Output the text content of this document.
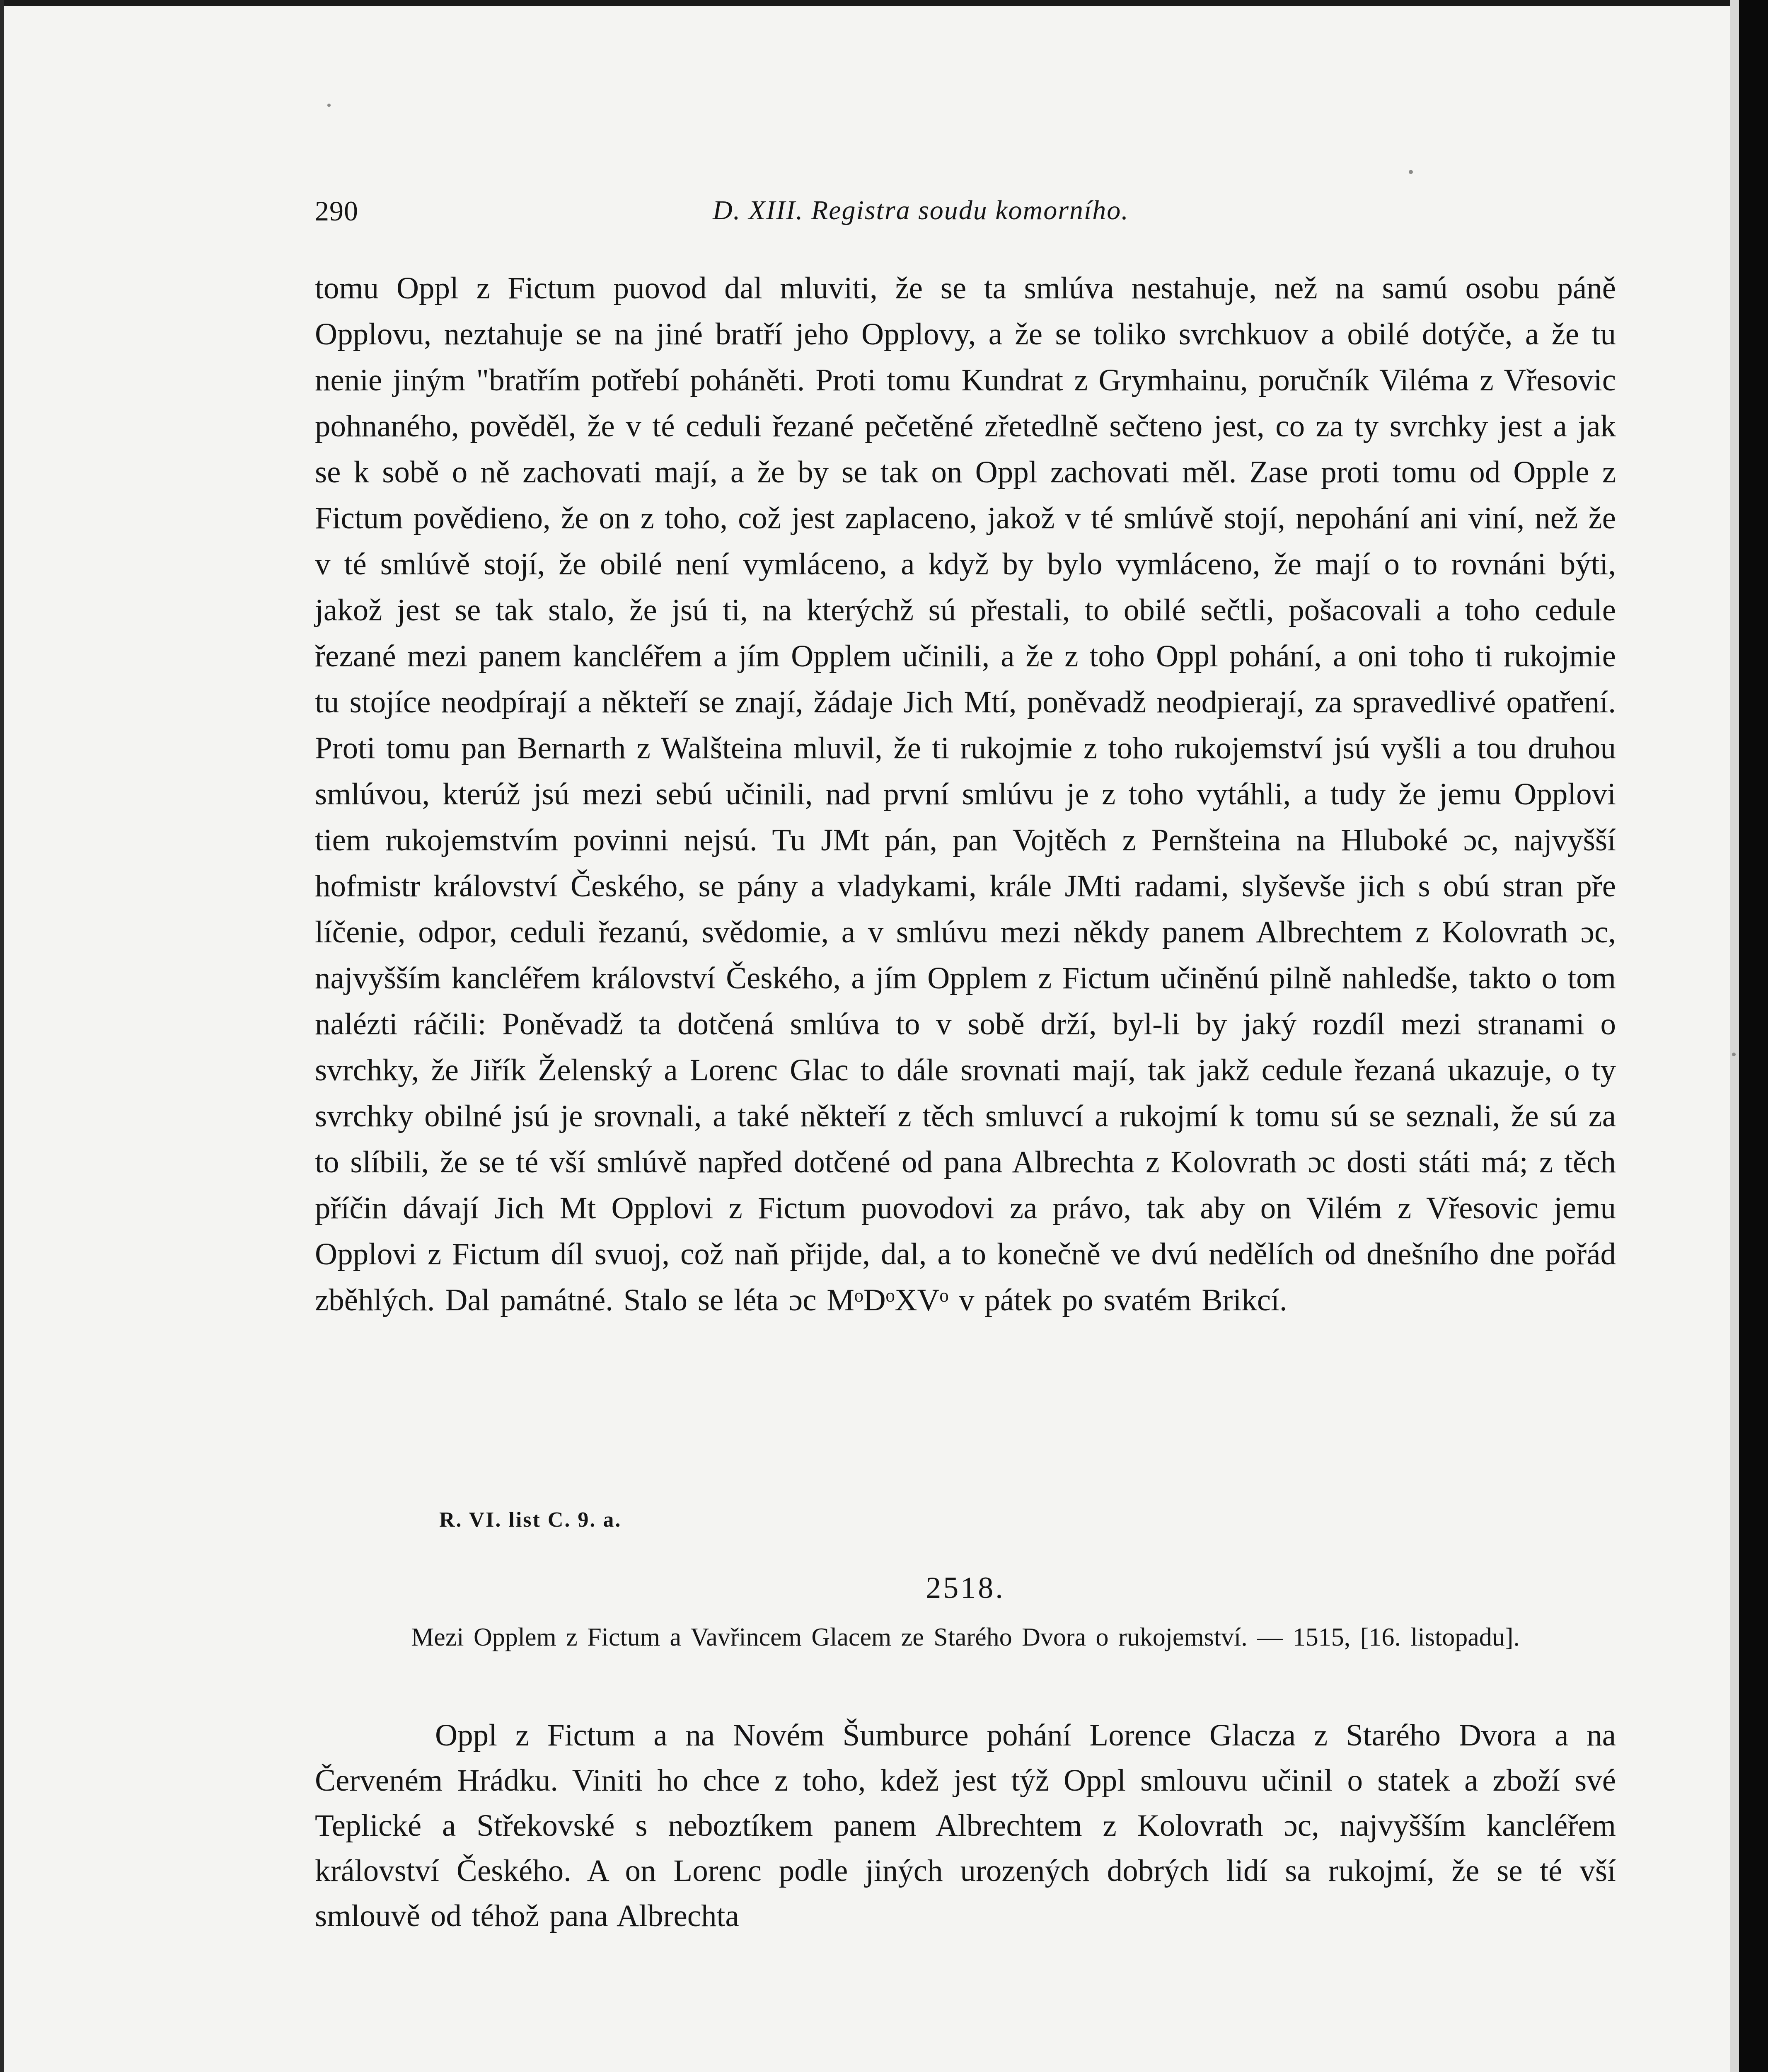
290	D. XIII. Registra soudu komorního.

tomu Oppl z Fictum puovod dal mluviti, že se ta smlúva nestahuje, než na samú osobu páně Opplovu, neztahuje se na jiné bratří jeho Opplovy, a že se toliko svrchkuov a obilé dotýče, a že tu nenie jiným "bratřím potřebí poháněti. Proti tomu Kundrat z Grymhainu, poručník Viléma z Vřesovic pohnaného, pověděl, že v té ceduli řezané pečetěné zřetedlně sečteno jest, co za ty svrchky jest a jak se k sobě o ně zachovati mají, a že by se tak on Oppl zachovati měl. Zase proti tomu od Opple z Fictum povědieno, že on z toho, což jest zaplaceno, jakož v té smlúvě stojí, nepohání ani viní, než že v té smlúvě stojí, že obilé není vymláceno, a když by bylo vymláceno, že mají o to rovnáni býti, jakož jest se tak stalo, že jsú ti, na kterýchž sú přestali, to obilé sečtli, pošacovali a toho cedule řezané mezi panem kancléřem a jím Opplem učinili, a že z toho Oppl pohání, a oni toho ti rukojmie tu stojíce neodpírají a někteří se znají, žádaje Jich Mtí, poněvadž neodpierají, za spravedlivé opatření. Proti tomu pan Bernarth z Walšteina mluvil, že ti rukojmie z toho rukojemství jsú vyšli a tou druhou smlúvou, kterúž jsú mezi sebú učinili, nad první smlúvu je z toho vytáhli, a tudy že jemu Opplovi tiem rukojemstvím povinni nejsú. Tu JMt pán, pan Vojtěch z Pernšteina na Hluboké ɔc, najvyšší hofmistr království Českého, se pány a vladykami, krále JMti radami, slyševše jich s obú stran pře líčenie, odpor, ceduli řezanú, svědomie, a v smlúvu mezi někdy panem Albrechtem z Kolovrath ɔc, najvyšším kancléřem království Českého, a jím Opplem z Fictum učiněnú pilně nahledše, takto o tom nalézti ráčili: Poněvadž ta dotčená smlúva to v sobě drží, byl-li by jaký rozdíl mezi stranami o svrchky, že Jiřík Želenský a Lorenc Glac to dále srovnati mají, tak jakž cedule řezaná ukazuje, o ty svrchky obilné jsú je srovnali, a také někteří z těch smluvcí a rukojmí k tomu sú se seznali, že sú za to slíbili, že se té vší smlúvě napřed dotčené od pana Albrechta z Kolovrath ɔc dosti státi má; z těch příčin dávají Jich Mt Opplovi z Fictum puovodovi za právo, tak aby on Vilém z Vřesovic jemu Opplovi z Fictum díl svuoj, což naň přijde, dal, a to konečně ve dvú nedělích od dnešního dne pořád zběhlých. Dal památné. Stalo se léta ɔc MᵒDᵒXVᵒ v pátek po svatém Brikcí.

R. VI. list C. 9. a.
2518.
Mezi Opplem z Fictum a Vavřincem Glacem ze Starého Dvora o rukojemství. — 1515, [16. listopadu].

Oppl z Fictum a na Novém Šumburce pohání Lorence Glacza z Starého Dvora a na Červeném Hrádku. Viniti ho chce z toho, kdež jest týž Oppl smlouvu učinil o statek a zboží své Teplické a Střekovské s neboztíkem panem Albrechtem z Kolovrath ɔc, najvyšším kancléřem království Českého. A on Lorenc podle jiných urozených dobrých lidí sa rukojmí, že se té vší smlouvě od téhož pana Albrechta
